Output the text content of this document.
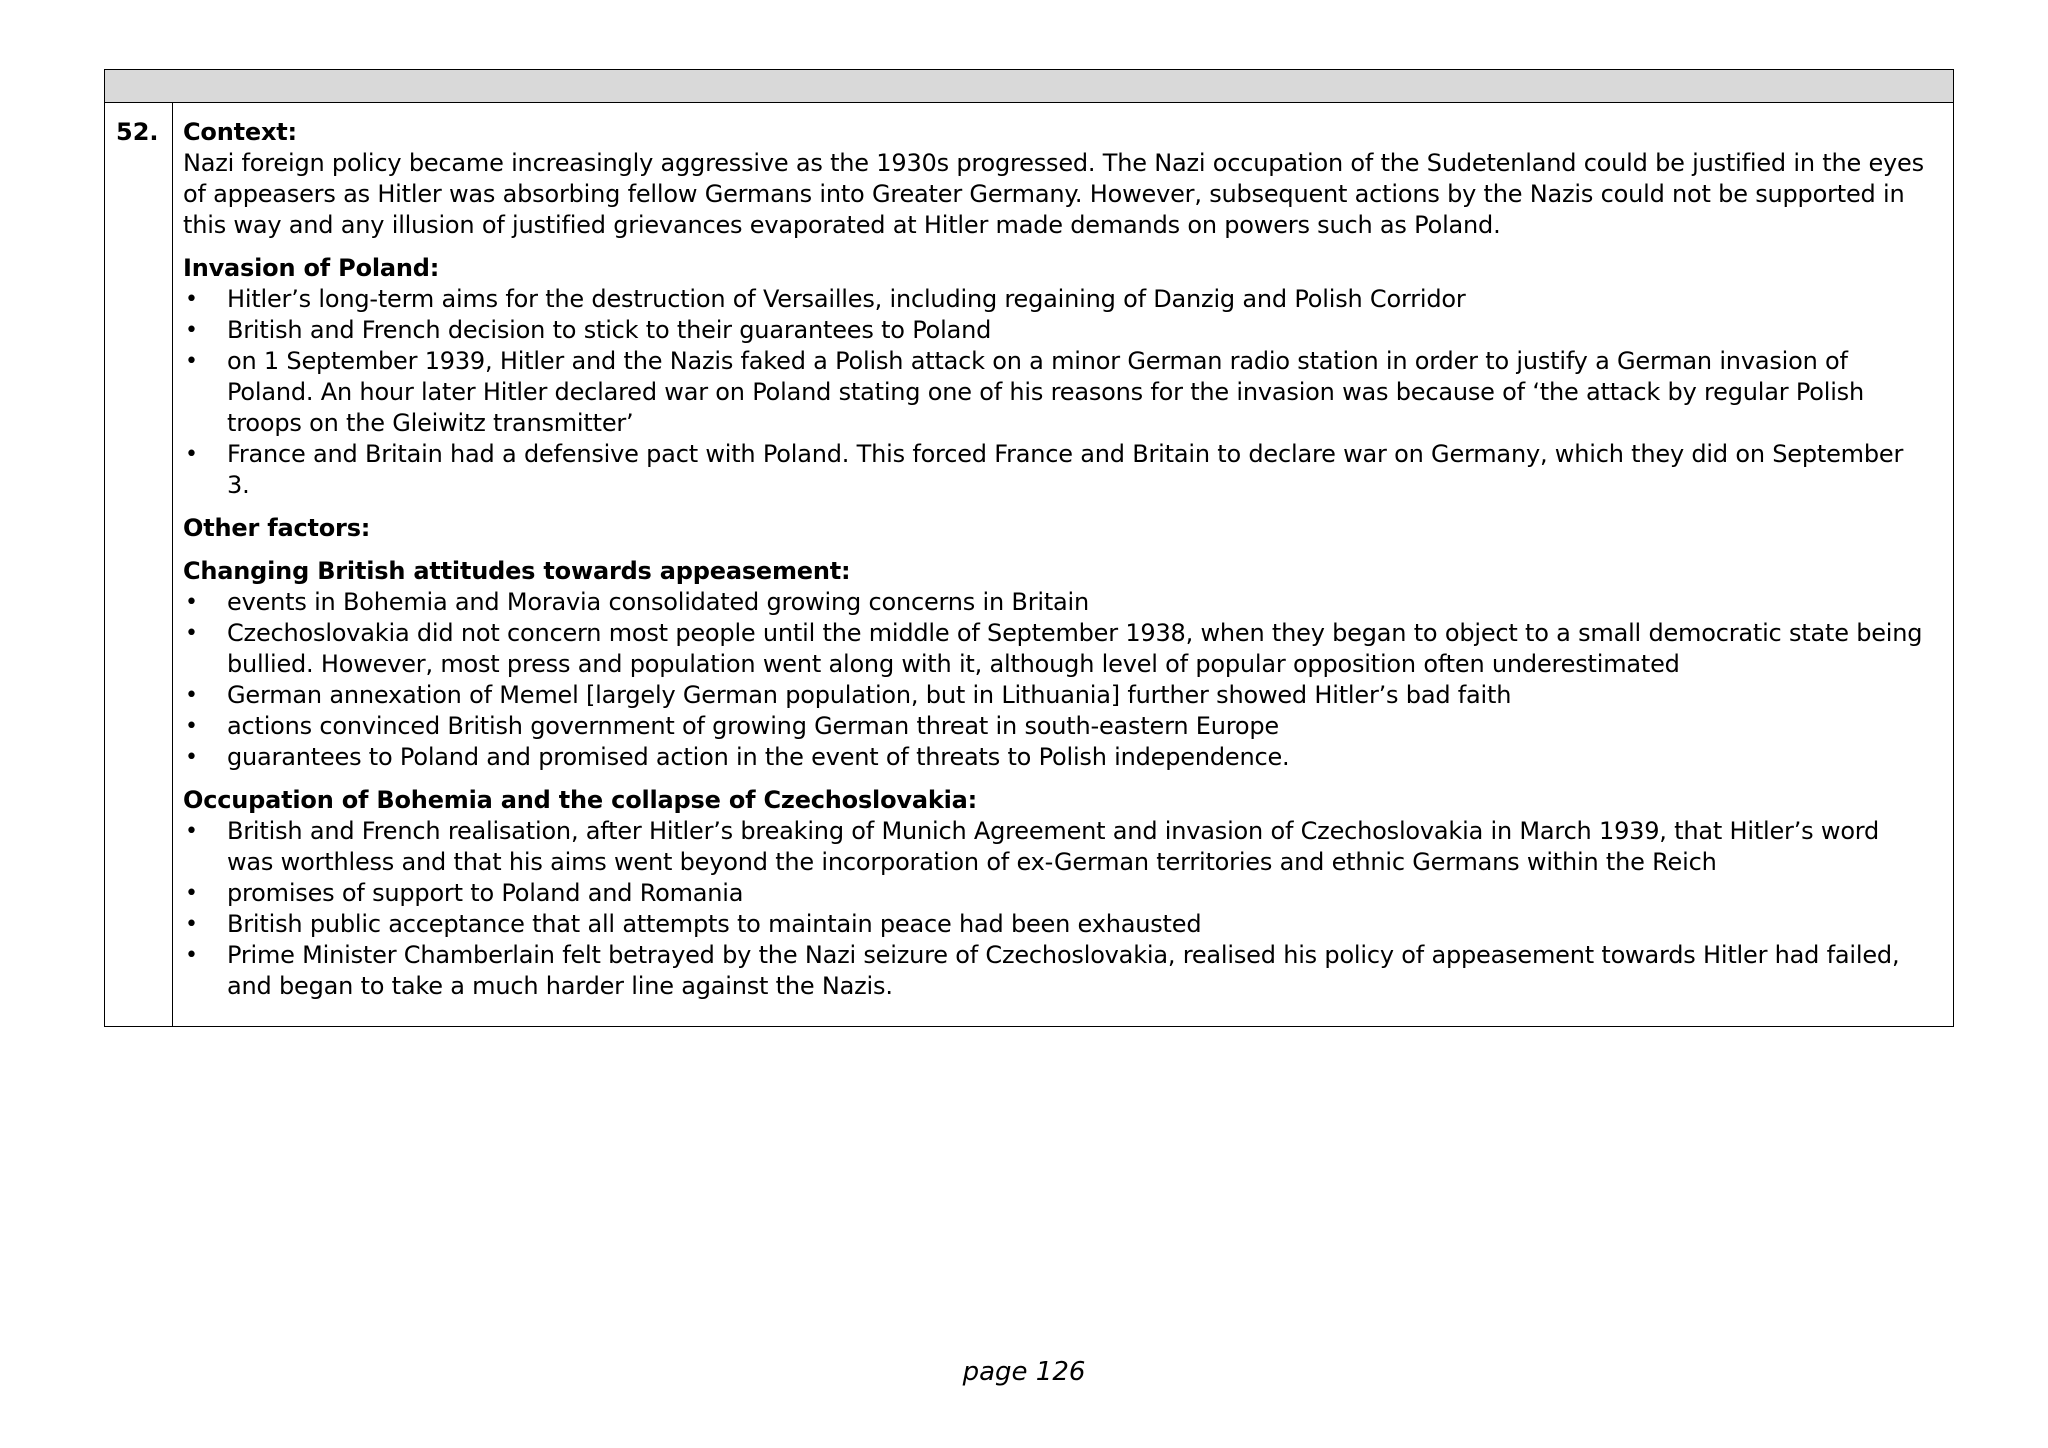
52.	Context:

Nazi foreign policy became increasingly aggressive as the 1930s progressed. The Nazi occupation of the Sudetenland could be justified in the eyes of appeasers as Hitler was absorbing fellow Germans into Greater Germany. However, subsequent actions by the Nazis could not be supported in this way and any illusion of justified grievances evaporated at Hitler made demands on powers such as Poland.

Invasion of Poland:

• Hitler’s long-term aims for the destruction of Versailles, including regaining of Danzig and Polish Corridor
• British and French decision to stick to their guarantees to Poland
• on 1 September 1939, Hitler and the Nazis faked a Polish attack on a minor German radio station in order to justify a German invasion of Poland. An hour later Hitler declared war on Poland stating one of his reasons for the invasion was because of ‘the attack by regular Polish troops on the Gleiwitz transmitter’
• France and Britain had a defensive pact with Poland. This forced France and Britain to declare war on Germany, which they did on September 3.

Other factors:

Changing British attitudes towards appeasement:

• events in Bohemia and Moravia consolidated growing concerns in Britain
• Czechoslovakia did not concern most people until the middle of September 1938, when they began to object to a small democratic state being bullied. However, most press and population went along with it, although level of popular opposition often underestimated
• German annexation of Memel [largely German population, but in Lithuania] further showed Hitler’s bad faith
• actions convinced British government of growing German threat in south-eastern Europe
• guarantees to Poland and promised action in the event of threats to Polish independence.

Occupation of Bohemia and the collapse of Czechoslovakia:

• British and French realisation, after Hitler’s breaking of Munich Agreement and invasion of Czechoslovakia in March 1939, that Hitler’s word was worthless and that his aims went beyond the incorporation of ex-German territories and ethnic Germans within the Reich
• promises of support to Poland and Romania
• British public acceptance that all attempts to maintain peace had been exhausted
• Prime Minister Chamberlain felt betrayed by the Nazi seizure of Czechoslovakia, realised his policy of appeasement towards Hitler had failed, and began to take a much harder line against the Nazis.
page 126
